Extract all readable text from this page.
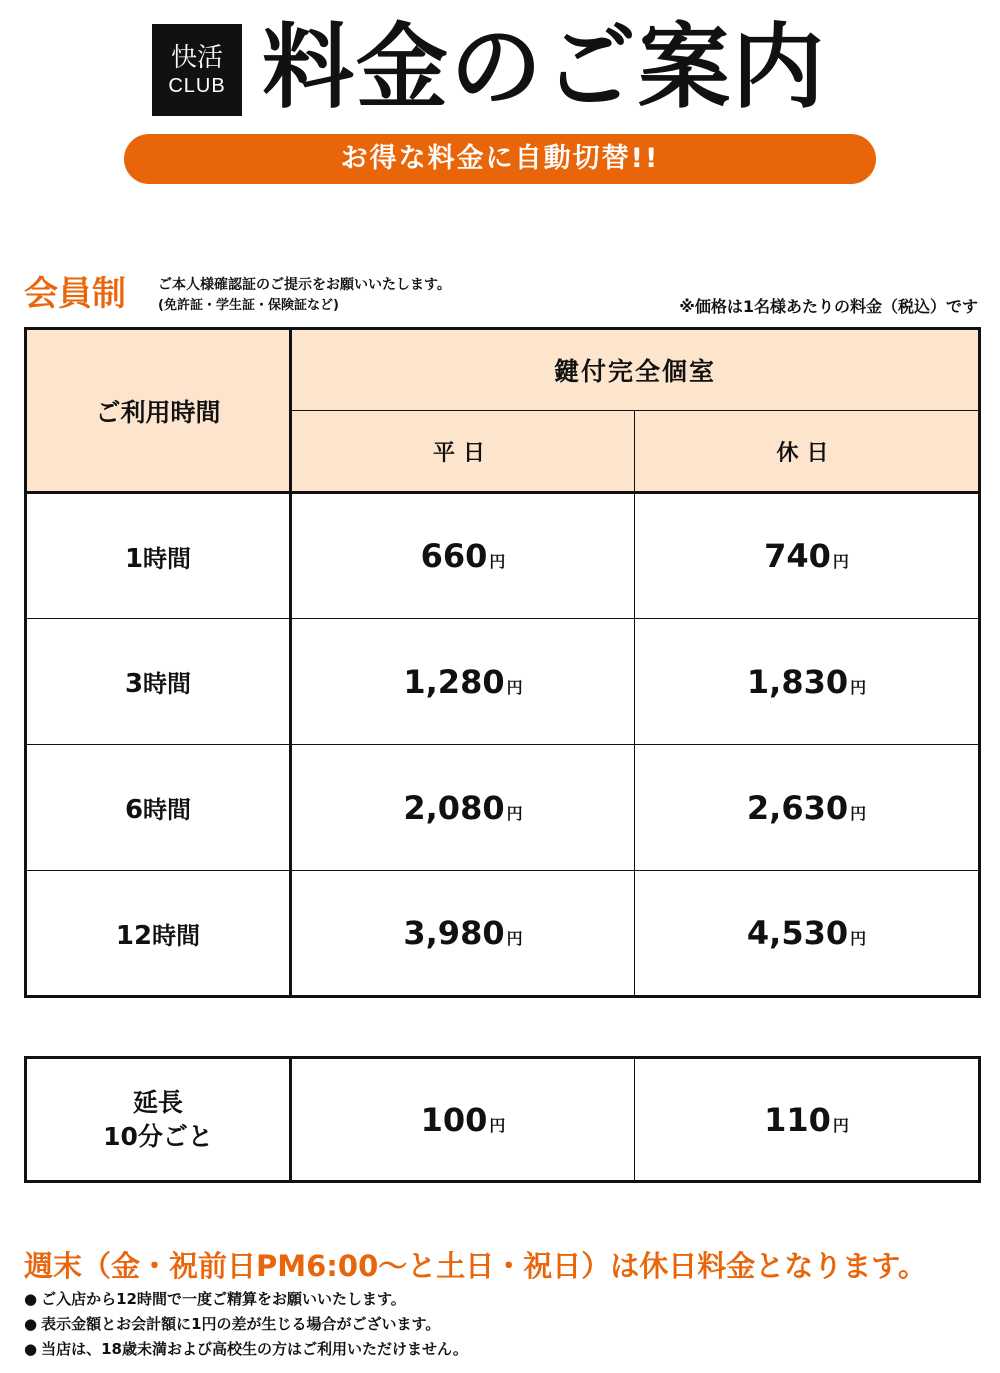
快活
CLUB 料金のご案内
お得な料金に自動切替!!
会員制 ご本人様確認証のご提示をお願いいたします。
(免許証・学生証・保険証など)	※価格は1名様あたりの料金（税込）です
ご利用時間	鍵付完全個室	
	平日	休日
1時間	660 円	740 円
3時間	1,280 円	1,830 円
6時間	2,080 円	2,630 円
12時間	3,980 円	4,530 円
延長
10分ごと	100 円	110 円
週末（金・祝前日PM6:00～と土日・祝日）は休日料金となります。
● ご入店から12時間で一度ご精算をお願いいたします。
● 表示金額とお会計額に1円の差が生じる場合がございます。
● 当店は、18歳未満および高校生の方はご利用いただけません。
